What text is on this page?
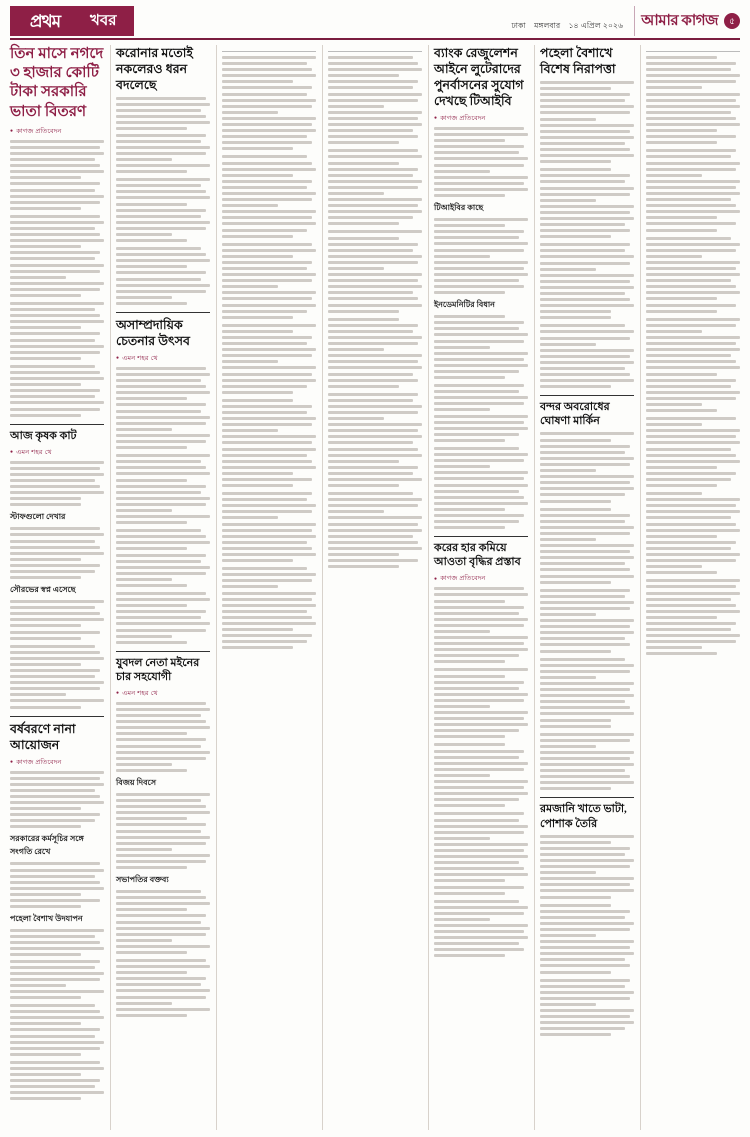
প্রথম	খবর	ঢাকা মঙ্গলবার ১৪ এপ্রিল ২০২৬ আমার কাগজ	৫
তিন মাসে নগদে ৩ হাজার কোটি টাকা সরকারি ভাতা বিতরণ
● কাগজ প্রতিবেদন
আজ কৃষক কাট
● এমন শহর থে
স্টাফগুলো দেখার
সৌরভের স্বপ্ন এসেছে
বর্ষবরণে নানা আয়োজন
● কাগজ প্রতিবেদন
সরকারের কর্মসূচির সঙ্গে সংগতি রেখে
পহেলা বৈশাখ উদযাপন
করোনার মতোই নকলেরও ধরন বদলেছে
অসাম্প্রদায়িক চেতনার উৎসব
● এমন শহর থে
যুবদল নেতা মইনের চার সহযোগী
● এমন শহর থে
বিজয় দিবসে
সভাপতির বক্তব্য
ব্যাংক রেজুলেশন আইনে লুটেরাদের পুনর্বাসনের সুযোগ দেখছে টিআইবি
● কাগজ প্রতিবেদন
টিআইবির কাছে
ইনডেমনিটির বিধান
করের হার কমিয়ে আওতা বৃদ্ধির প্রস্তাব
● কাগজ প্রতিবেদন
পহেলা বৈশাখে বিশেষ নিরাপত্তা
বন্দর অবরোধের ঘোষণা মার্কিন
রমজানি খাতে ভাটা, পোশাক তৈরি
